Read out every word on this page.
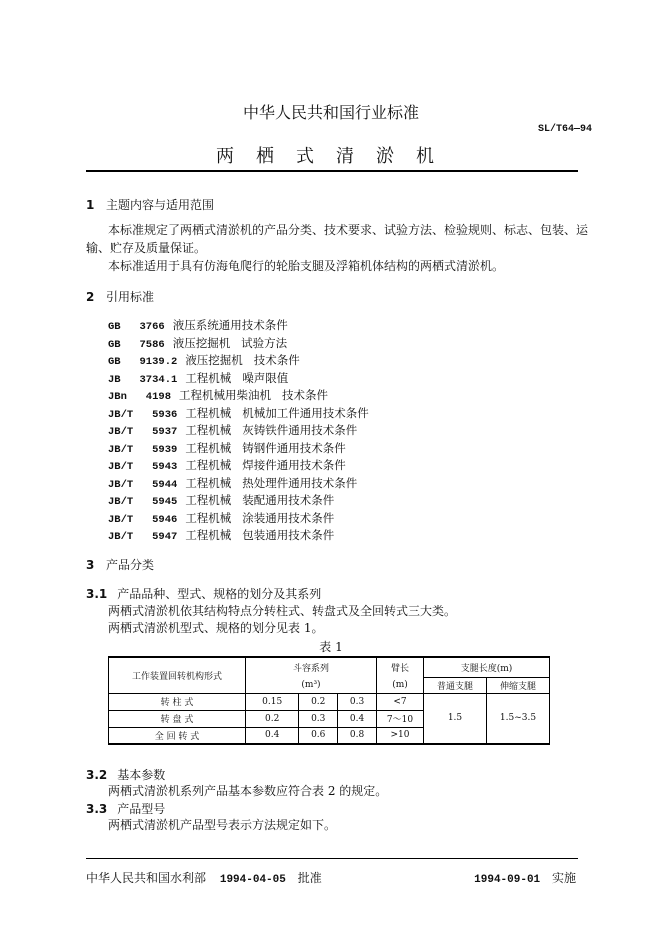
中华人民共和国行业标准
SL/T64—94
两栖式清淤机
1 主题内容与适用范围
本标准规定了两栖式清淤机的产品分类、技术要求、试验方法、检验规则、标志、包装、运
输、贮存及质量保证。
本标准适用于具有仿海龟爬行的轮胎支腿及浮箱机体结构的两栖式清淤机。
2 引用标准
GB   3766 液压系统通用技术条件
GB   7586 液压挖掘机   试验方法
GB   9139.2 液压挖掘机   技术条件
JB   3734.1 工程机械   噪声限值
JBn   4198 工程机械用柴油机   技术条件
JB/T   5936 工程机械   机械加工件通用技术条件
JB/T   5937 工程机械   灰铸铁件通用技术条件
JB/T   5939 工程机械   铸钢件通用技术条件
JB/T   5943 工程机械   焊接件通用技术条件
JB/T   5944 工程机械   热处理件通用技术条件
JB/T   5945 工程机械   装配通用技术条件
JB/T   5946 工程机械   涂装通用技术条件
JB/T   5947 工程机械   包装通用技术条件
3 产品分类
3.1 产品品种、型式、规格的划分及其系列
两栖式清淤机依其结构特点分转柱式、转盘式及全回转式三大类。
两栖式清淤机型式、规格的划分见表 1。
表 1
工作装置回转机构形式	斗容系列			臂长	支腿长度(m)	
	(m³)			(m)	普通支腿	伸缩支腿
转 柱 式	0.15	0.2	0.3	<7	1.5	1.5~3.5
转 盘 式	0.2	0.3	0.4	7～10		
全 回 转 式	0.4	0.6	0.8	>10		
3.2 基本参数
两栖式清淤机系列产品基本参数应符合表 2 的规定。
3.3 产品型号
两栖式清淤机产品型号表示方法规定如下。
中华人民共和国水利部 1994-04-05 批准	1994-09-01 实施
